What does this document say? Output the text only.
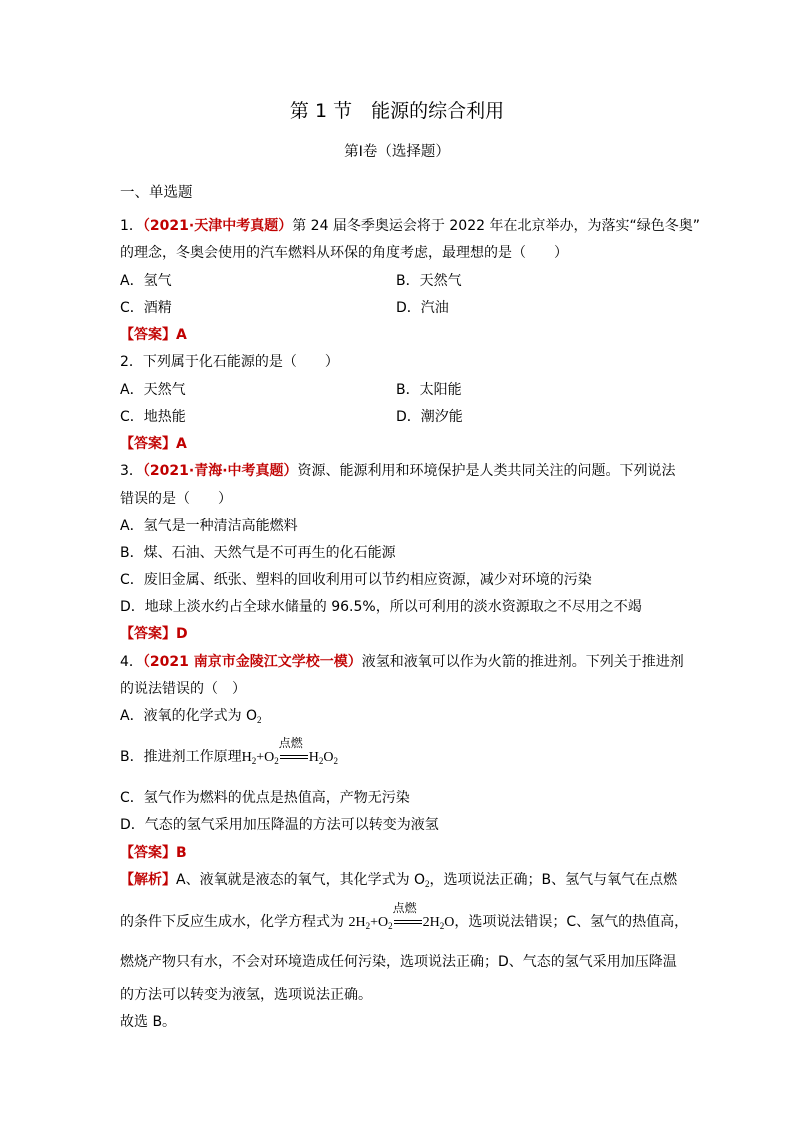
第 1 节　能源的综合利用
第Ⅰ卷（选择题）
一、单选题
1．（2021·天津中考真题）第 24 届冬季奥运会将于 2022 年在北京举办，为落实“绿色冬奥”
的理念，冬奥会使用的汽车燃料从环保的角度考虑，最理想的是（　　）
A．氢气	B．天然气
C．酒精	D．汽油
【答案】A
2．下列属于化石能源的是（　　）
A．天然气	B．太阳能
C．地热能	D．潮汐能
【答案】A
3．（2021·青海·中考真题）资源、能源利用和环境保护是人类共同关注的问题。下列说法
错误的是（　　）
A．氢气是一种清洁高能燃料
B．煤、石油、天然气是不可再生的化石能源
C．废旧金属、纸张、塑料的回收利用可以节约相应资源，减少对环境的污染
D．地球上淡水约占全球水储量的 96.5%，所以可利用的淡水资源取之不尽用之不竭
【答案】D
4．（2021 南京市金陵江文学校一模）液氢和液氧可以作为火箭的推进剂。下列关于推进剂
的说法错误的（　）
A．液氧的化学式为 $O_2$
B．推进剂工作原理$H_2+O_2$
点燃
$H_2O_2$
C．氢气作为燃料的优点是热值高，产物无污染
D．气态的氢气采用加压降温的方法可以转变为液氢
【答案】B
【解析】A、液氧就是液态的氧气，其化学式为 $O_2$，选项说法正确；B、氢气与氧气在点燃
的条件下反应生成水，化学方程式为 $2H_2+O_2$
点燃
$2H_2O$，选项说法错误；C、氢气的热值高，
燃烧产物只有水，不会对环境造成任何污染，选项说法正确；D、气态的氢气采用加压降温
的方法可以转变为液氢，选项说法正确。
故选 B。
